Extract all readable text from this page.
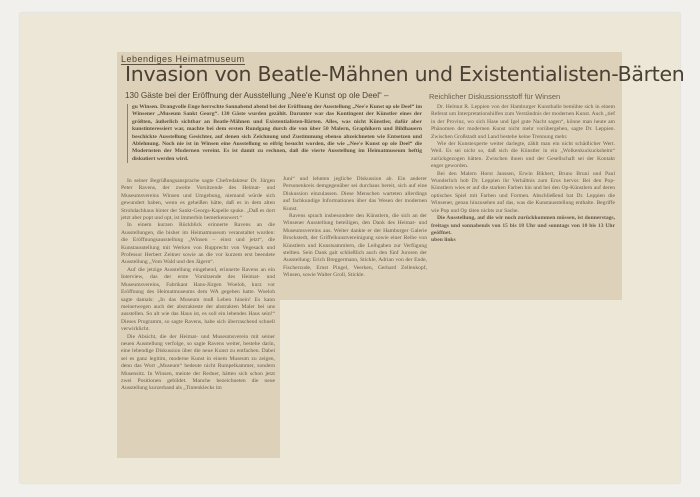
Lebendiges Heimatmuseum
Invasion von Beatle-Mähnen und Existentialisten-Bärten
130 Gäste bei der Eröffnung der Ausstellung „Nee'e Kunst op ole Deel“ –	Reichlicher Diskussionsstoff für Winsen
gu Winsen. Drangvolle Enge herrschte Sonnabend abend bei der Eröffnung der Ausstellung „Nee'e Kunst op ole Deel“ im Winsener „Museum Sankt Georg“. 130 Gäste wurden gezählt. Darunter war das Kontingent der Künstler eines der größten, äußerlich sichtbar an Beatle-Mähnen und Existentialisten-Bärten. Alles, was nicht Künstler, dafür aber kunstinteressiert war, machte bei dem ersten Rundgang durch die von über 50 Malern, Graphikern und Bildhauern beschickte Ausstellung Gesichter, auf denen sich Zeichnung und Zustimmung ebenso abzeichneten wie Entsetzen und Ablehnung. Noch nie ist in Winsen eine Ausstellung so eifrig besucht worden, die wie „Nee'e Kunst op ole Deel“ die Modernsten der Modernen vereint. Es ist damit zu rechnen, daß die vierte Ausstellung im Heimatmuseum heftig diskutiert werden wird.

Juni“ und lehnten jegliche Diskussion ab. Ein anderer Personenkreis demgegenüber sei durchaus bereit, sich auf eine Diskussion einzulassen. Diese Menschen warteten allerdings auf fachkundige Informationen über das Wesen der modernen Kunst.

Ravens sprach insbesondere den Künstlern, die sich an der Winsener Ausstellung beteiligen, den Dank des Heimat- und Museumsvereins aus. Weiter dankte er der Hamburger Galerie Brockstedt, der Griffelkunstvereinigung sowie einer Reihe von Künstlern und Kunstsammlern, die Leihgaben zur Verfügung stellten. Sein Dank galt schließlich auch den fünf Juroren der Ausstellung: Erich Breggermann, Stickle, Adrian von der Ende, Fischerzude, Ernst Pingel, Veerken, Gerhard Zellenkopf, Winsen, sowie Walter Groll, Stickle.

Dr. Helmut R. Leppien von der Hamburger Kunsthalle bemühte sich in einem Referat um Interpretationshilfen zum Verständnis der modernen Kunst. Auch „tief in der Provinz, wo sich Hase und Igel gute Nacht sagen“, könne man heute am Phänomen der modernen Kunst nicht mehr vorübergehen, sagte Dr. Leppien. Zwischen Großstadt und Land bestehe keine Trennung mehr.

Wie der Kunstexperte weiter darlegte, zählt man ein nicht schädlicher Wert. Weil. Es sei nicht so, daß sich die Künstler in ein „Wolkenkuckucksheim“ zurückgezogen hätten. Zwischen ihnen und der Gesellschaft sei der Kontakt enger geworden.

Bei den Malern Horst Janssen, Erwin Bikhert, Bruno Bruni und Paul Wunderlich hob Dr. Leppien ihr Verhältnis zum Eros hervor. Bei den Pop-Künstlern wies er auf die starken Farben hin und bei den Op-Künstlern auf deren optisches Spiel mit Farben und Formen. Abschließend bat Dr. Leppien die Winsener, genau hinzusehen auf das, was die Kunstausstellung enthalte. Begriffe wie Pop und Op täten nichts zur Sache.

Die Ausstellung, auf die wir noch zurückkommen müssen, ist donnerstags, freitags und sonnabends von 15 bis 18 Uhr und sonntags von 10 bis 13 Uhr geöffnet.

uben links

In seiner Begrüßungsansprache sagte Chefredakteur Dr. Jürgen Peter Ravens, der zweite Vorsitzende des Heimat- und Museumsvereins Winsen und Umgebung, niemand würde sich gewundert haben, wenn es geheißen hätte, daß es in dem alten Strohdachhaus hinter der Sankt-Georgs-Kapelle spuke. „Daß es dort jetzt aber popt und opt, ist immerhin bemerkenswert.“

In einem kurzen Rückblick erinnerte Ravens an die Ausstellungen, die bisher im Heimatmuseum veranstaltet wurden: die Eröffnungsausstellung „Winsen – einst und jetzt“, die Kunstausstellung mit Werken von Rupprecht von Vegesack und Professor Herbert Zeitner sowie an die vor kurzem erst beendete Ausstellung „Vom Wald und den Jägern“.

Auf die jetzige Ausstellung eingehend, erinnerte Ravens an ein Interview, das der erste Vorsitzende des Heimat- und Museumsvereins, Fabrikant Hans-Jürgen Woeloh, kurz vor Eröffnung des Heimatmuseums dem WA gegeben hatte. Woeloh sagte damals: „In das Museum muß Leben hinein! Es kann meinetwegen auch der abstrakteste der abstrakten Maler bei uns ausstellen. So alt wie das Haus ist, es soll ein lebendes Haus sein!“ Dieses Programm, so sagte Ravens, habe sich überraschend schnell verwirklicht.

Die Absicht, die der Heimat- und Museumsverein mit seiner neuen Ausstellung verfolge, so sagte Ravens weiter, bestehe darin, eine lebendige Diskussion über die neue Kunst zu entfachen. Dabei sei es ganz legitim, moderne Kunst in einem Museum zu zeigen, denn das Wort „Museum“ bedeute nicht Rumpelkammer, sondern Musensitz. In Winsen, meinte der Redner, hätten sich schon jetzt zwei Positionen gebildet. Manche bezeichneten die neue Ausstellung kurzerhand als „Tintenklecks im
